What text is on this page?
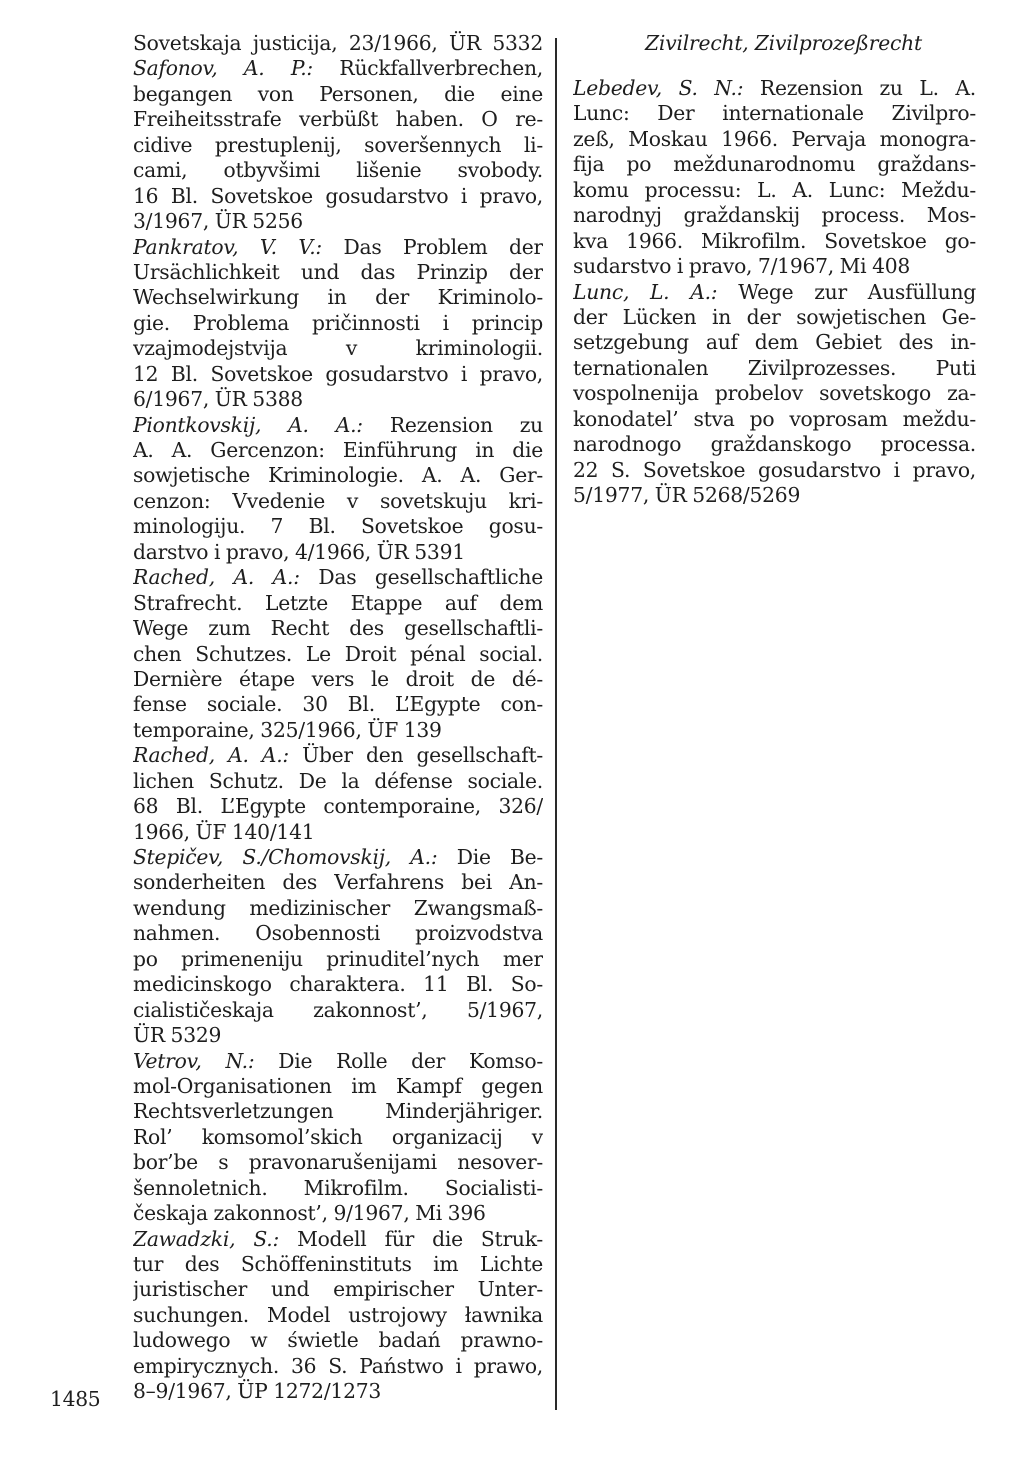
Sovetskaja justicija, 23/1966, ÜR 5332
Safonov, A. P.: Rückfallverbrechen,
begangen von Personen, die eine
Freiheitsstrafe verbüßt haben. O re-
cidive prestuplenij, soveršennych li-
cami, otbyvšimi lišenie svobody.
16 Bl. Sovetskoe gosudarstvo i pravo,
3/1967, ÜR 5256
Pankratov, V. V.: Das Problem der
Ursächlichkeit und das Prinzip der
Wechselwirkung in der Kriminolo-
gie. Problema pričinnosti i princip
vzajmodejstvija v kriminologii.
12 Bl. Sovetskoe gosudarstvo i pravo,
6/1967, ÜR 5388
Piontkovskij, A. A.: Rezension zu
A. A. Gercenzon: Einführung in die
sowjetische Kriminologie. A. A. Ger-
cenzon: Vvedenie v sovetskuju kri-
minologiju. 7 Bl. Sovetskoe gosu-
darstvo i pravo, 4/1966, ÜR 5391
Rached, A. A.: Das gesellschaftliche
Strafrecht. Letzte Etappe auf dem
Wege zum Recht des gesellschaftli-
chen Schutzes. Le Droit pénal social.
Dernière étape vers le droit de dé-
fense sociale. 30 Bl. L’Egypte con-
temporaine, 325/1966, ÜF 139
Rached, A. A.: Über den gesellschaft-
lichen Schutz. De la défense sociale.
68 Bl. L’Egypte contemporaine, 326/
1966, ÜF 140/141
Stepičev, S./Chomovskij, A.: Die Be-
sonderheiten des Verfahrens bei An-
wendung medizinischer Zwangsmaß-
nahmen. Osobennosti proizvodstva
po primeneniju prinuditel’nych mer
medicinskogo charaktera. 11 Bl. So-
cialističeskaja zakonnost’, 5/1967,
ÜR 5329
Vetrov, N.: Die Rolle der Komso-
mol-Organisationen im Kampf gegen
Rechtsverletzungen Minderjähriger.
Rol’ komsomol’skich organizacij v
bor’be s pravonarušenijami nesover-
šennoletnich. Mikrofilm. Socialisti-
českaja zakonnost’, 9/1967, Mi 396
Zawadzki, S.: Modell für die Struk-
tur des Schöffeninstituts im Lichte
juristischer und empirischer Unter-
suchungen. Model ustrojowy ławnika
ludowego w świetle badań prawno-
empirycznych. 36 S. Państwo i prawo,
8–9/1967, ÜP 1272/1273
Zivilrecht, Zivilprozeßrecht
Lebedev, S. N.: Rezension zu L. A.
Lunc: Der internationale Zivilpro-
zeß, Moskau 1966. Pervaja monogra-
fija po meždunarodnomu graždans-
komu processu: L. A. Lunc: Meždu-
narodnyj graždanskij process. Mos-
kva 1966. Mikrofilm. Sovetskoe go-
sudarstvo i pravo, 7/1967, Mi 408
Lunc, L. A.: Wege zur Ausfüllung
der Lücken in der sowjetischen Ge-
setzgebung auf dem Gebiet des in-
ternationalen Zivilprozesses. Puti
vospolnenija probelov sovetskogo za-
konodatel’ stva po voprosam meždu-
narodnogo graždanskogo processa.
22 S. Sovetskoe gosudarstvo i pravo,
5/1977, ÜR 5268/5269
1485
